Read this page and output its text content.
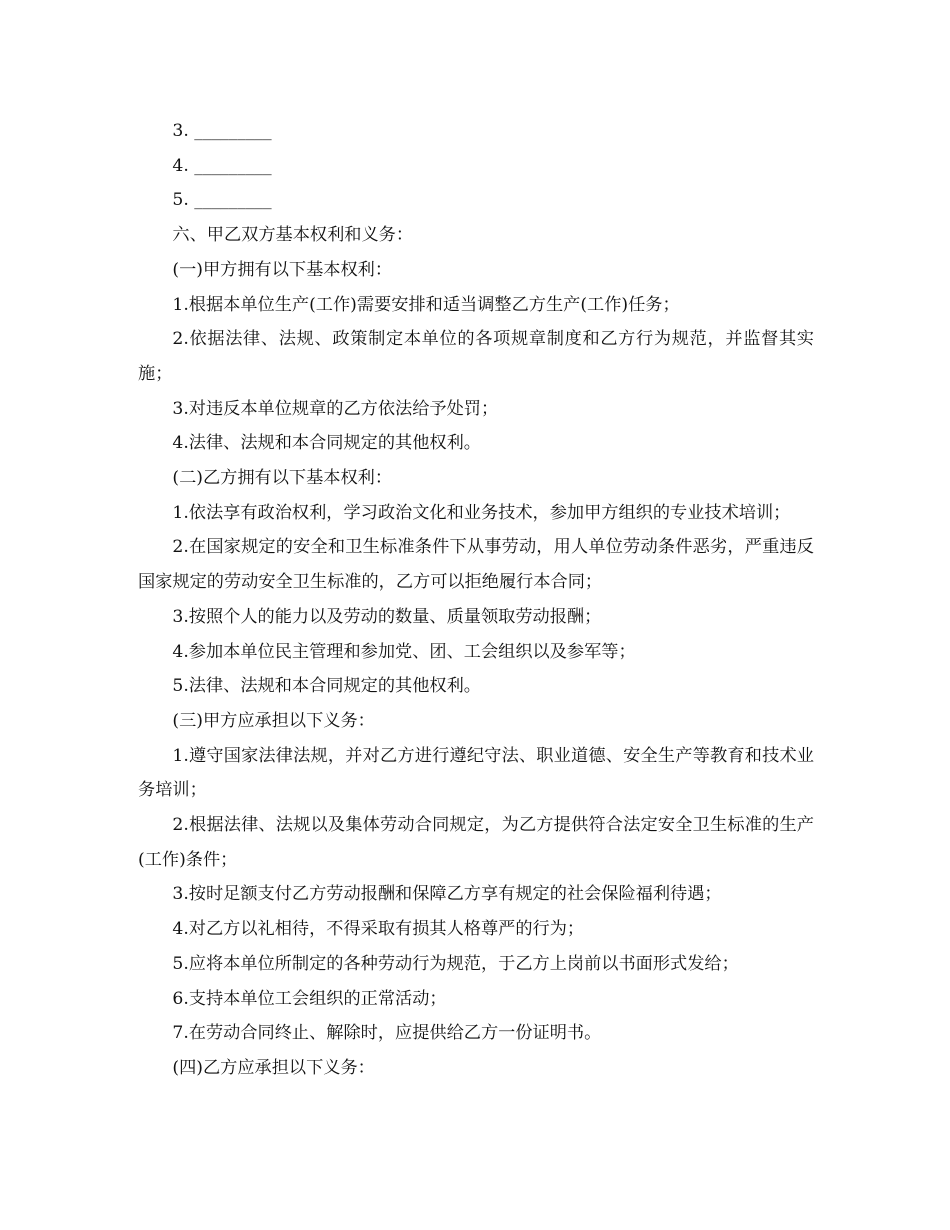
3. _________

4. _________

5. _________

六、甲乙双方基本权利和义务：

(一)甲方拥有以下基本权利：

1.根据本单位生产(工作)需要安排和适当调整乙方生产(工作)任务；

2.依据法律、法规、政策制定本单位的各项规章制度和乙方行为规范，并监督其实施；

3.对违反本单位规章的乙方依法给予处罚；

4.法律、法规和本合同规定的其他权利。

(二)乙方拥有以下基本权利：

1.依法享有政治权利，学习政治文化和业务技术，参加甲方组织的专业技术培训；

2.在国家规定的安全和卫生标准条件下从事劳动，用人单位劳动条件恶劣，严重违反国家规定的劳动安全卫生标准的，乙方可以拒绝履行本合同；

3.按照个人的能力以及劳动的数量、质量领取劳动报酬；

4.参加本单位民主管理和参加党、团、工会组织以及参军等；

5.法律、法规和本合同规定的其他权利。

(三)甲方应承担以下义务：

1.遵守国家法律法规，并对乙方进行遵纪守法、职业道德、安全生产等教育和技术业务培训；

2.根据法律、法规以及集体劳动合同规定，为乙方提供符合法定安全卫生标准的生产(工作)条件；

3.按时足额支付乙方劳动报酬和保障乙方享有规定的社会保险福利待遇；

4.对乙方以礼相待，不得采取有损其人格尊严的行为；

5.应将本单位所制定的各种劳动行为规范，于乙方上岗前以书面形式发给；

6.支持本单位工会组织的正常活动；

7.在劳动合同终止、解除时，应提供给乙方一份证明书。

(四)乙方应承担以下义务：
